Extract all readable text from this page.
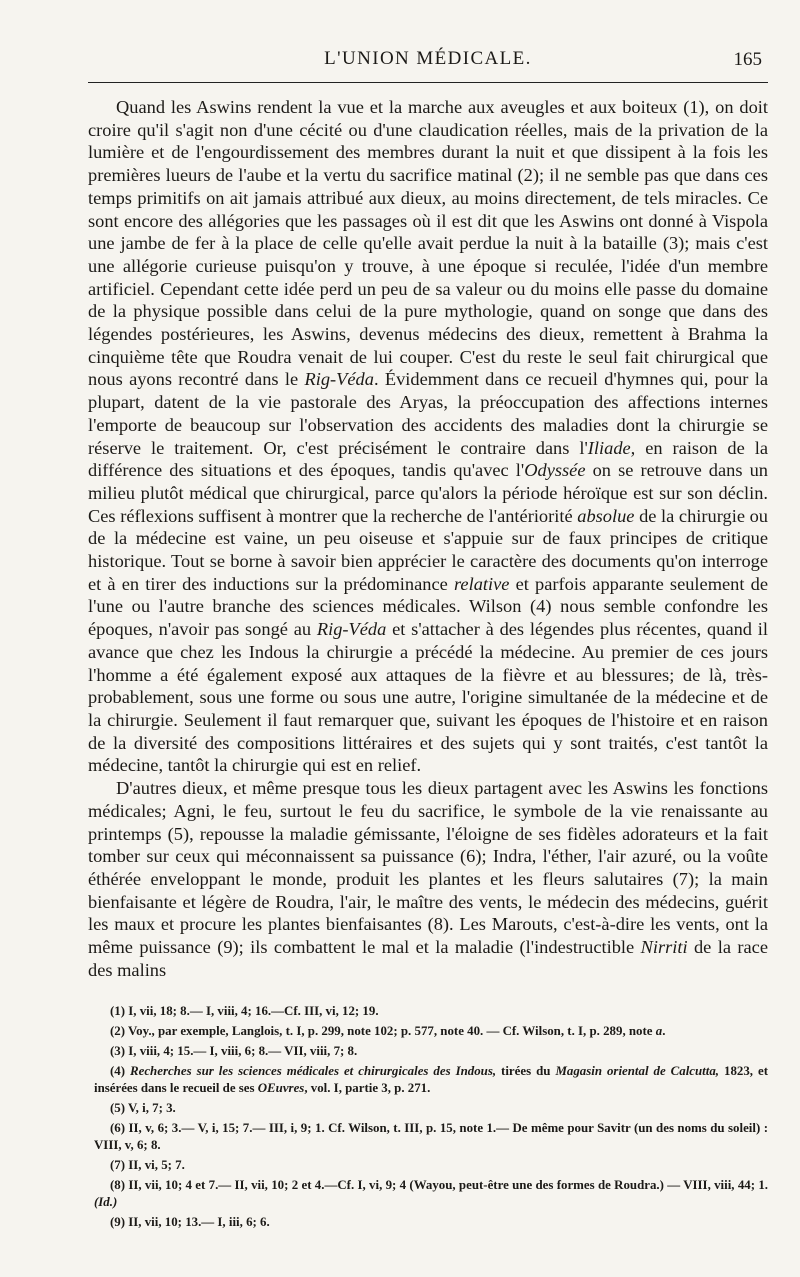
L'UNION MÉDICALE.	165

Quand les Aswins rendent la vue et la marche aux aveugles et aux boiteux (1), on doit croire qu'il s'agit non d'une cécité ou d'une claudication réelles, mais de la privation de la lumière et de l'engourdissement des membres durant la nuit et que dissipent à la fois les premières lueurs de l'aube et la vertu du sacrifice matinal (2); il ne semble pas que dans ces temps primitifs on ait jamais attribué aux dieux, au moins directement, de tels miracles. Ce sont encore des allégories que les passages où il est dit que les Aswins ont donné à Vispola une jambe de fer à la place de celle qu'elle avait perdue la nuit à la bataille (3); mais c'est une allégorie curieuse puisqu'on y trouve, à une époque si reculée, l'idée d'un membre artificiel. Cependant cette idée perd un peu de sa valeur ou du moins elle passe du domaine de la physique possible dans celui de la pure mythologie, quand on songe que dans des légendes postérieures, les Aswins, devenus médecins des dieux, remettent à Brahma la cinquième tête que Roudra venait de lui couper. C'est du reste le seul fait chirurgical que nous ayons recontré dans le Rig-Véda. Évidemment dans ce recueil d'hymnes qui, pour la plupart, datent de la vie pastorale des Aryas, la préoccupation des affections internes l'emporte de beaucoup sur l'observation des accidents des maladies dont la chirurgie se réserve le traitement. Or, c'est précisément le contraire dans l'Iliade, en raison de la différence des situations et des époques, tandis qu'avec l'Odyssée on se retrouve dans un milieu plutôt médical que chirurgical, parce qu'alors la période héroïque est sur son déclin. Ces réflexions suffisent à montrer que la recherche de l'antériorité absolue de la chirurgie ou de la médecine est vaine, un peu oiseuse et s'appuie sur de faux principes de critique historique. Tout se borne à savoir bien apprécier le caractère des documents qu'on interroge et à en tirer des inductions sur la prédominance relative et parfois apparante seulement de l'une ou l'autre branche des sciences médicales. Wilson (4) nous semble confondre les époques, n'avoir pas songé au Rig-Véda et s'attacher à des légendes plus récentes, quand il avance que chez les Indous la chirurgie a précédé la médecine. Au premier de ces jours l'homme a été également exposé aux attaques de la fièvre et au blessures; de là, très-probablement, sous une forme ou sous une autre, l'origine simultanée de la médecine et de la chirurgie. Seulement il faut remarquer que, suivant les époques de l'histoire et en raison de la diversité des compositions littéraires et des sujets qui y sont traités, c'est tantôt la médecine, tantôt la chirurgie qui est en relief.

D'autres dieux, et même presque tous les dieux partagent avec les Aswins les fonctions médicales; Agni, le feu, surtout le feu du sacrifice, le symbole de la vie renaissante au printemps (5), repousse la maladie gémissante, l'éloigne de ses fidèles adorateurs et la fait tomber sur ceux qui méconnaissent sa puissance (6); Indra, l'éther, l'air azuré, ou la voûte éthérée enveloppant le monde, produit les plantes et les fleurs salutaires (7); la main bienfaisante et légère de Roudra, l'air, le maître des vents, le médecin des médecins, guérit les maux et procure les plantes bienfaisantes (8). Les Marouts, c'est-à-dire les vents, ont la même puissance (9); ils combattent le mal et la maladie (l'indestructible Nirriti de la race des malins

(1) I, vii, 18; 8.— I, viii, 4; 16.—Cf. III, vi, 12; 19.

(2) Voy., par exemple, Langlois, t. I, p. 299, note 102; p. 577, note 40. — Cf. Wilson, t. I, p. 289, note a.

(3) I, viii, 4; 15.— I, viii, 6; 8.— VII, viii, 7; 8.

(4) Recherches sur les sciences médicales et chirurgicales des Indous, tirées du Magasin oriental de Calcutta, 1823, et insérées dans le recueil de ses OEuvres, vol. I, partie 3, p. 271.

(5) V, i, 7; 3.

(6) II, v, 6; 3.— V, i, 15; 7.— III, i, 9; 1. Cf. Wilson, t. III, p. 15, note 1.— De même pour Savitr (un des noms du soleil) : VIII, v, 6; 8.

(7) II, vi, 5; 7.

(8) II, vii, 10; 4 et 7.— II, vii, 10; 2 et 4.—Cf. I, vi, 9; 4 (Wayou, peut-être une des formes de Roudra.) — VIII, viii, 44; 1. (Id.)

(9) II, vii, 10; 13.— I, iii, 6; 6.
